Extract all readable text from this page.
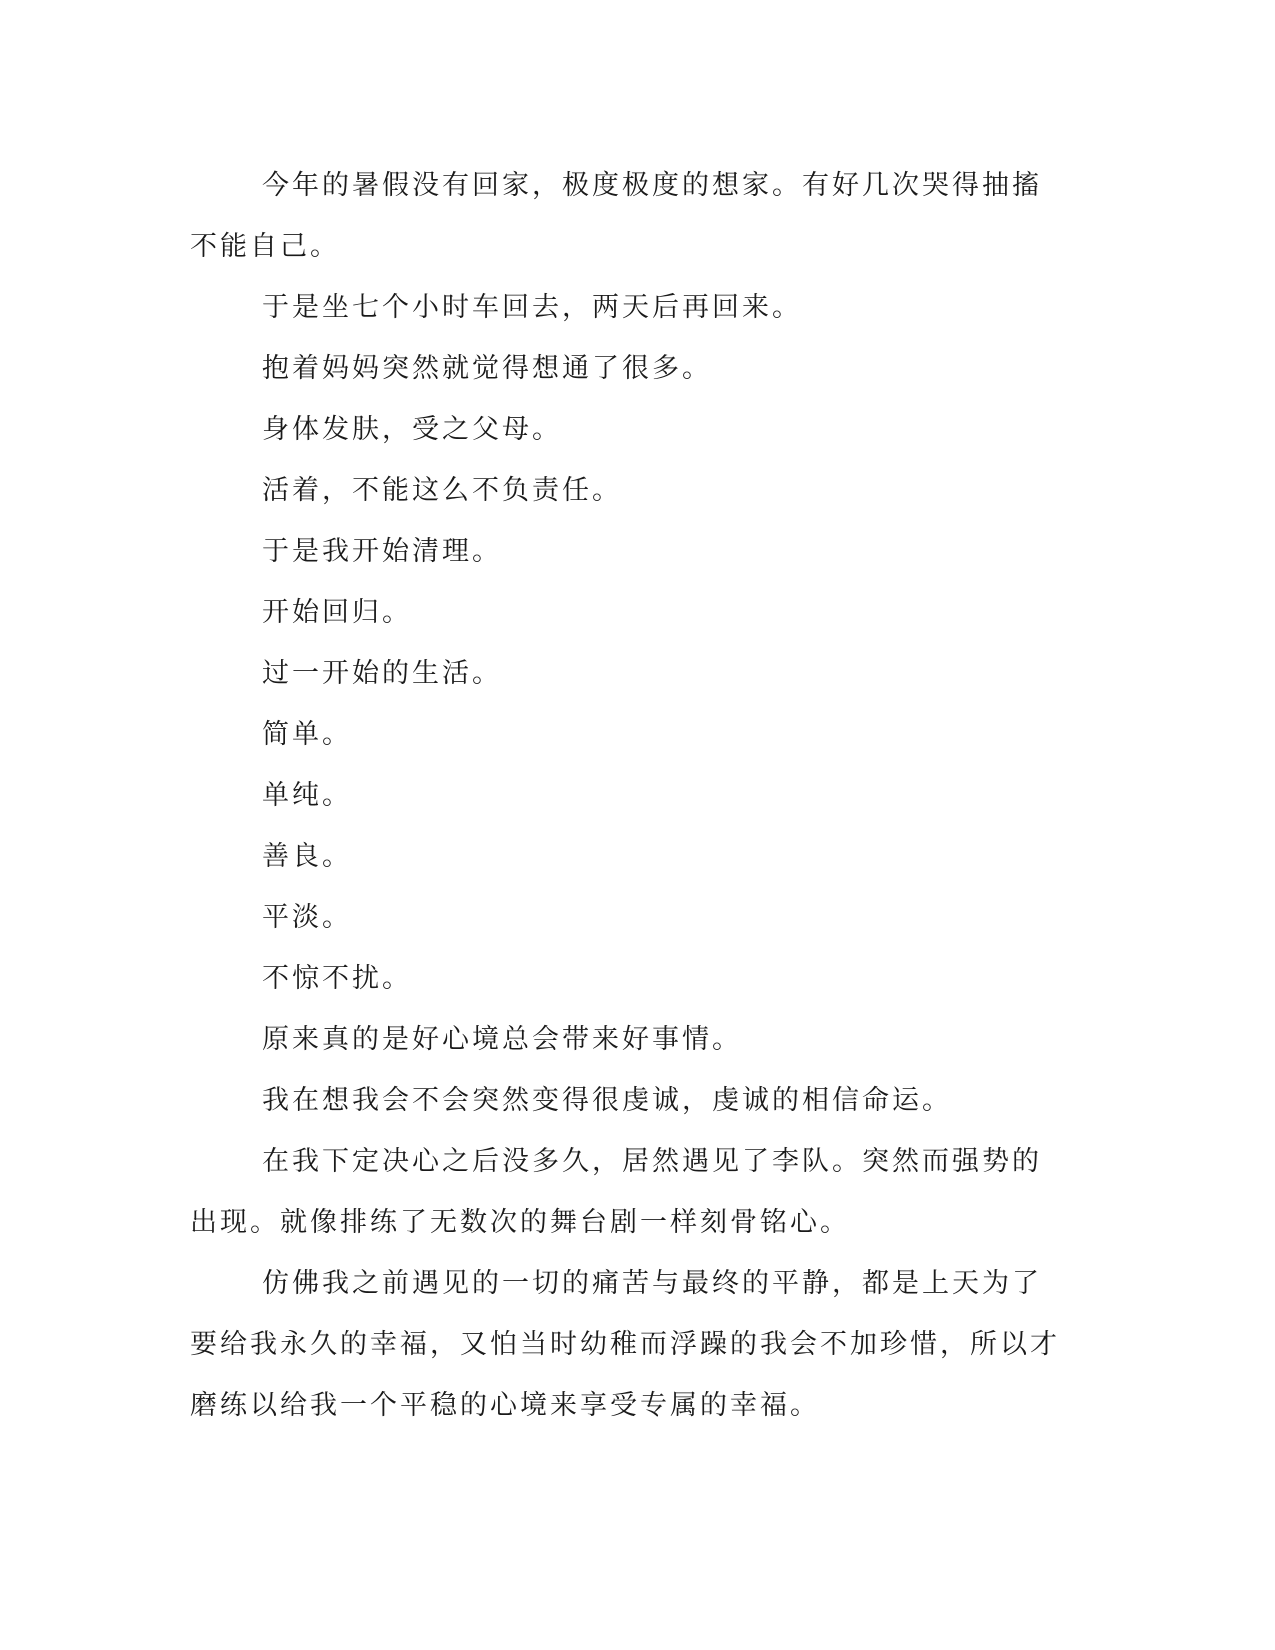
今年的暑假没有回家，极度极度的想家。有好几次哭得抽搐不能自己。

于是坐七个小时车回去，两天后再回来。

抱着妈妈突然就觉得想通了很多。

身体发肤，受之父母。

活着，不能这么不负责任。

于是我开始清理。

开始回归。

过一开始的生活。

简单。

单纯。

善良。

平淡。

不惊不扰。

原来真的是好心境总会带来好事情。

我在想我会不会突然变得很虔诚，虔诚的相信命运。

在我下定决心之后没多久，居然遇见了李队。突然而强势的出现。就像排练了无数次的舞台剧一样刻骨铭心。

仿佛我之前遇见的一切的痛苦与最终的平静，都是上天为了要给我永久的幸福，又怕当时幼稚而浮躁的我会不加珍惜，所以才磨练以给我一个平稳的心境来享受专属的幸福。
